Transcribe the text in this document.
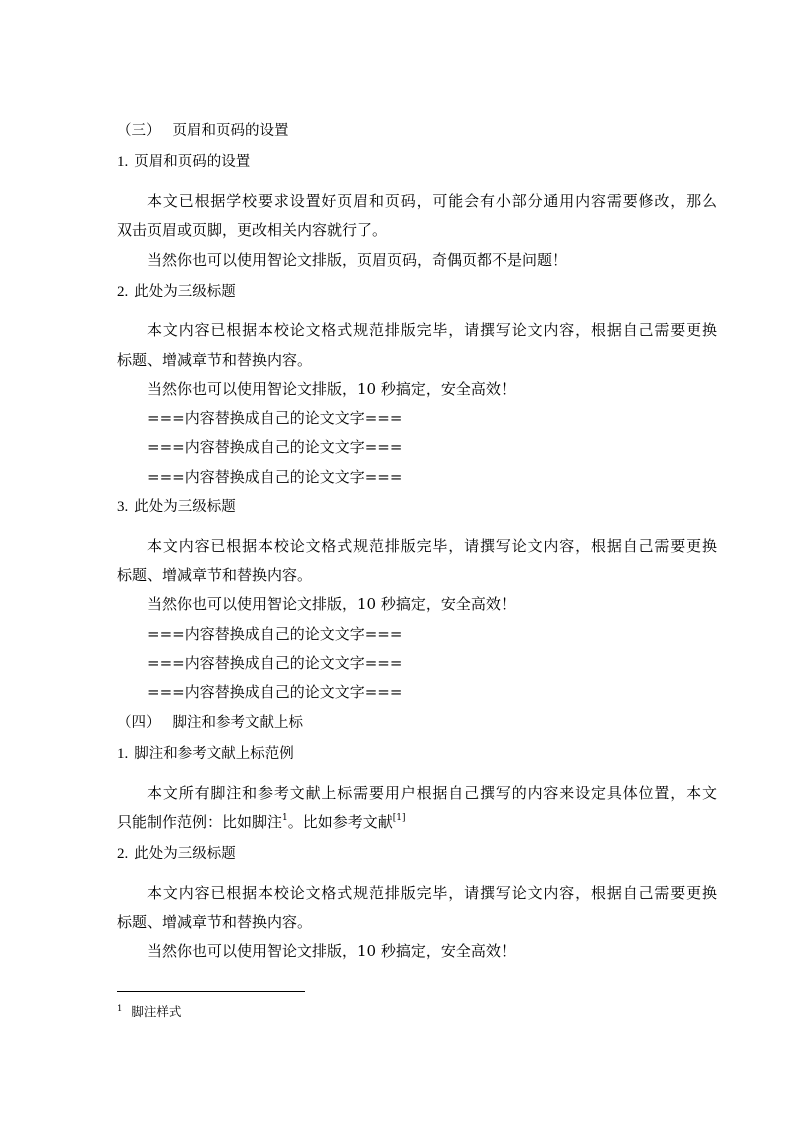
（三） 页眉和页码的设置
1. 页眉和页码的设置
本文已根据学校要求设置好页眉和页码，可能会有小部分通用内容需要修改，那么
双击页眉或页脚，更改相关内容就行了。
当然你也可以使用智论文排版，页眉页码，奇偶页都不是问题！
2. 此处为三级标题
本文内容已根据本校论文格式规范排版完毕，请撰写论文内容，根据自己需要更换
标题、增减章节和替换内容。
当然你也可以使用智论文排版，10 秒搞定，安全高效！
===内容替换成自己的论文文字===
===内容替换成自己的论文文字===
===内容替换成自己的论文文字===
3. 此处为三级标题
本文内容已根据本校论文格式规范排版完毕，请撰写论文内容，根据自己需要更换
标题、增减章节和替换内容。
当然你也可以使用智论文排版，10 秒搞定，安全高效！
===内容替换成自己的论文文字===
===内容替换成自己的论文文字===
===内容替换成自己的论文文字===
（四） 脚注和参考文献上标
1. 脚注和参考文献上标范例
本文所有脚注和参考文献上标需要用户根据自己撰写的内容来设定具体位置，本文
只能制作范例：比如脚注$^1$。比如参考文献[1]
2. 此处为三级标题
本文内容已根据本校论文格式规范排版完毕，请撰写论文内容，根据自己需要更换
标题、增减章节和替换内容。
当然你也可以使用智论文排版，10 秒搞定，安全高效！
$^1$ 脚注样式
